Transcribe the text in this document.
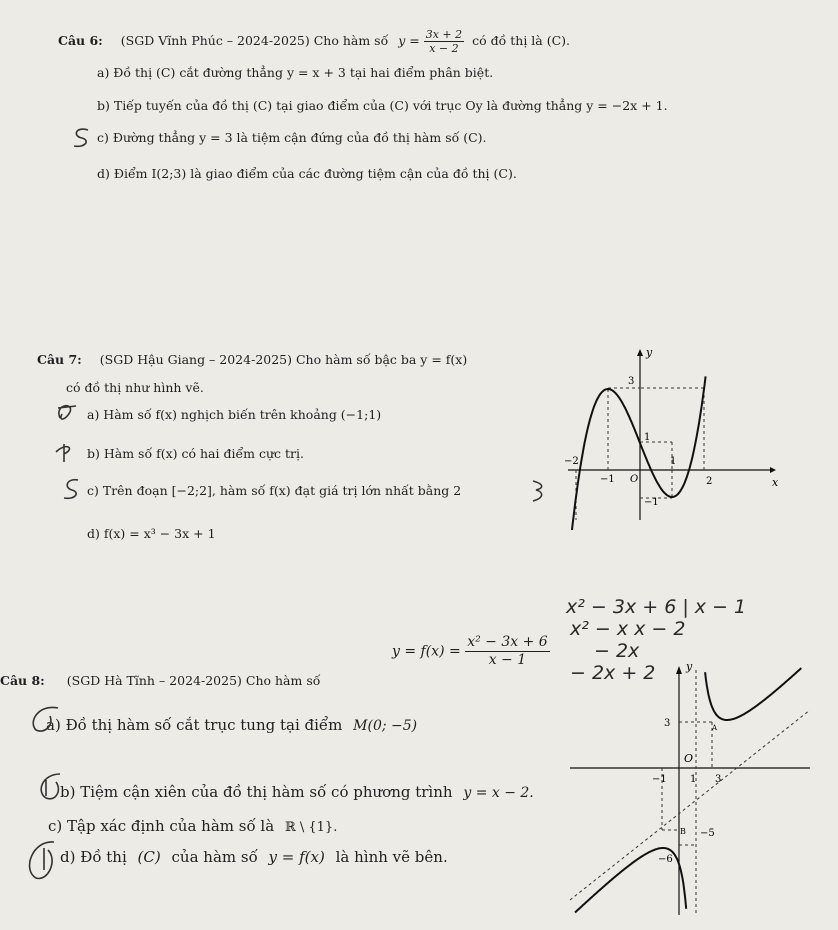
Câu 6: (SGD Vĩnh Phúc – 2024-2025) Cho hàm số $y = \frac{3x + 2}{x - 2}$ có đồ thị là (C).
a) Đồ thị (C) cắt đường thẳng y = x + 3 tại hai điểm phân biệt.
b) Tiếp tuyến của đồ thị (C) tại giao điểm của (C) với trục Oy là đường thẳng y = −2x + 1.
c) Đường thẳng y = 3 là tiệm cận đứng của đồ thị hàm số (C).
d) Điểm I(2;3) là giao điểm của các đường tiệm cận của đồ thị (C).
Câu 7: (SGD Hậu Giang – 2024-2025) Cho hàm số bậc ba y = f(x)
có đồ thị như hình vẽ.
a) Hàm số f(x) nghịch biến trên khoảng (−1;1)
b) Hàm số f(x) có hai điểm cực trị.
c) Trên đoạn [−2;2], hàm số f(x) đạt giá trị lớn nhất bằng 2
d) f(x) = x³ − 3x + 1
y
x
3
1
−1
−2
−1 O
1
2
Câu 8: (SGD Hà Tĩnh – 2024-2025) Cho hàm số
$y = f(x) = \frac{\text{x² − 3x + 6}}{x - 1}$
a) Đồ thị hàm số cắt trục tung tại điểm M(0; −5)
b) Tiệm cận xiên của đồ thị hàm số có phương trình y = x − 2.
c) Tập xác định của hàm số là ℝ \ {1}.
d) Đồ thị (C) của hàm số y = f(x) là hình vẽ bên.
x² − 3x + 6 | x − 1
x² − x x − 2
− 2x
− 2x + 2	y
3	A
O
−1 1 3
B −5
−6
